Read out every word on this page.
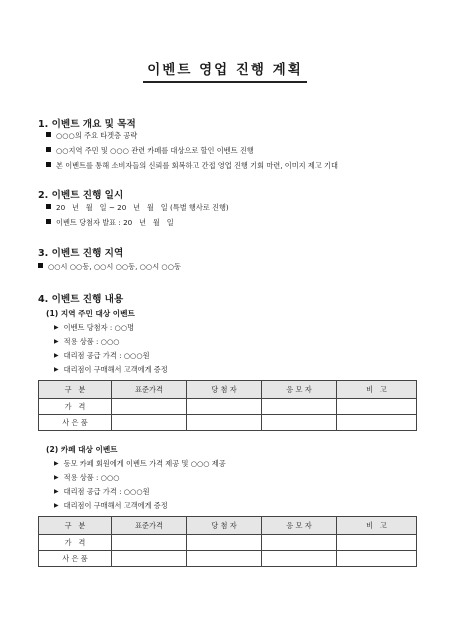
이벤트 영업 진행 계획
1. 이벤트 개요 및 목적
○○○의 주요 타겟층 공략
○○지역 주민 및 ○○○ 관련 카페를 대상으로 할인 이벤트 진행
본 이벤트를 통해 소비자들의 신뢰를 회복하고 간접 영업 진행 기회 마련, 이미지 제고 기대
2. 이벤트 진행 일시
20   년   월   일 ~ 20   년   월   일 (특별 행사로 진행)
이벤트 당첨자 발표 : 20   년   월   일
3. 이벤트 진행 지역
○○시 ○○동, ○○시 ○○동, ○○시 ○○동
4. 이벤트 진행 내용
(1) 지역 주민 대상 이벤트
▶ 이벤트 당첨자 : ○○명
▶ 적용 상품 : ○○○
▶ 대리점 공급 가격 : ○○○원
▶ 대리점이 구매해서 고객에게 증정
구   분	표준가격	당 첨 자	응 모 자	비   고
가   격				
사 은 품				
(2) 카페 대상 이벤트
▶ 동모 카페 회원에게 이벤트 가격 제공 및 ○○○ 제공
▶ 적용 상품 : ○○○
▶ 대리점 공급 가격 : ○○○원
▶ 대리점이 구매해서 고객에게 증정
구   분	표준가격	당 첨 자	응 모 자	비   고
가   격				
사 은 품				
